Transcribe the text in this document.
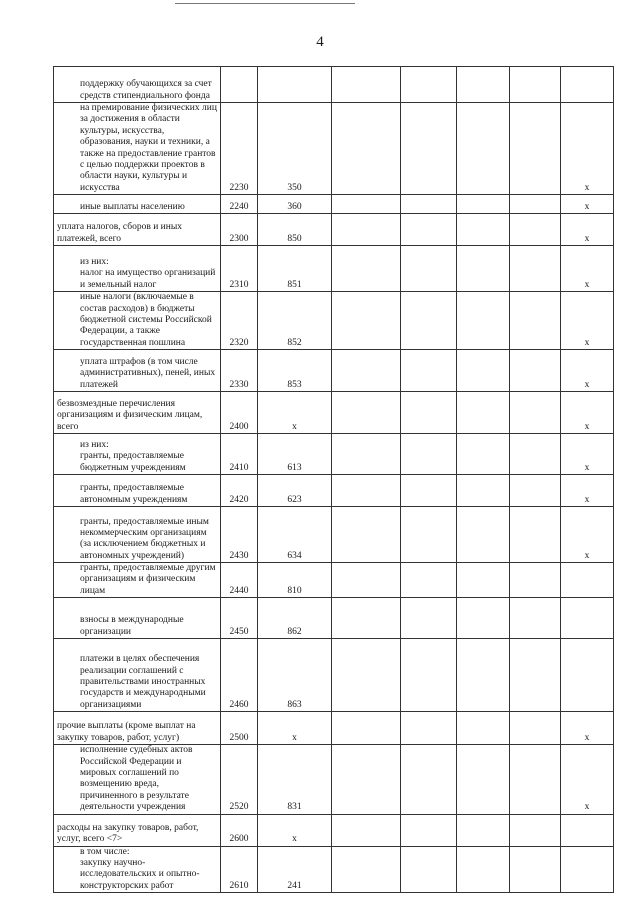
4
поддержку обучающихся за счет средств стипендиального фонда							
на премирование физических лиц за достижения в области культуры, искусства, образования, науки и техники, а также на предоставление грантов с целью поддержки проектов в области науки, культуры и искусства	2230	350					x
иные выплаты населению	2240	360					x
уплата налогов, сборов и иных платежей, всего	2300	850					x
из них:
налог на имущество организаций и земельный налог	2310	851					x
иные налоги (включаемые в состав расходов) в бюджеты бюджетной системы Российской Федерации, а также государственная пошлина	2320	852					x
уплата штрафов (в том числе административных), пеней, иных платежей	2330	853					x
безвозмездные перечисления организациям и физическим лицам, всего	2400	x					x
из них:
гранты, предоставляемые бюджетным учреждениям	2410	613					x
гранты, предоставляемые автономным учреждениям	2420	623					x
гранты, предоставляемые иным некоммерческим организациям (за исключением бюджетных и автономных учреждений)	2430	634					x
гранты, предоставляемые другим организациям и физическим лицам	2440	810					
взносы в международные организации	2450	862					
платежи в целях обеспечения реализации соглашений с правительствами иностранных государств и международными организациями	2460	863					
прочие выплаты (кроме выплат на закупку товаров, работ, услуг)	2500	x					x
исполнение судебных актов Российской Федерации и мировых соглашений по возмещению вреда, причиненного в результате деятельности учреждения	2520	831					x
расходы на закупку товаров, работ, услуг, всего <7>	2600	x					
в том числе:
закупку научно-исследовательских и опытно-конструкторских работ	2610	241					
